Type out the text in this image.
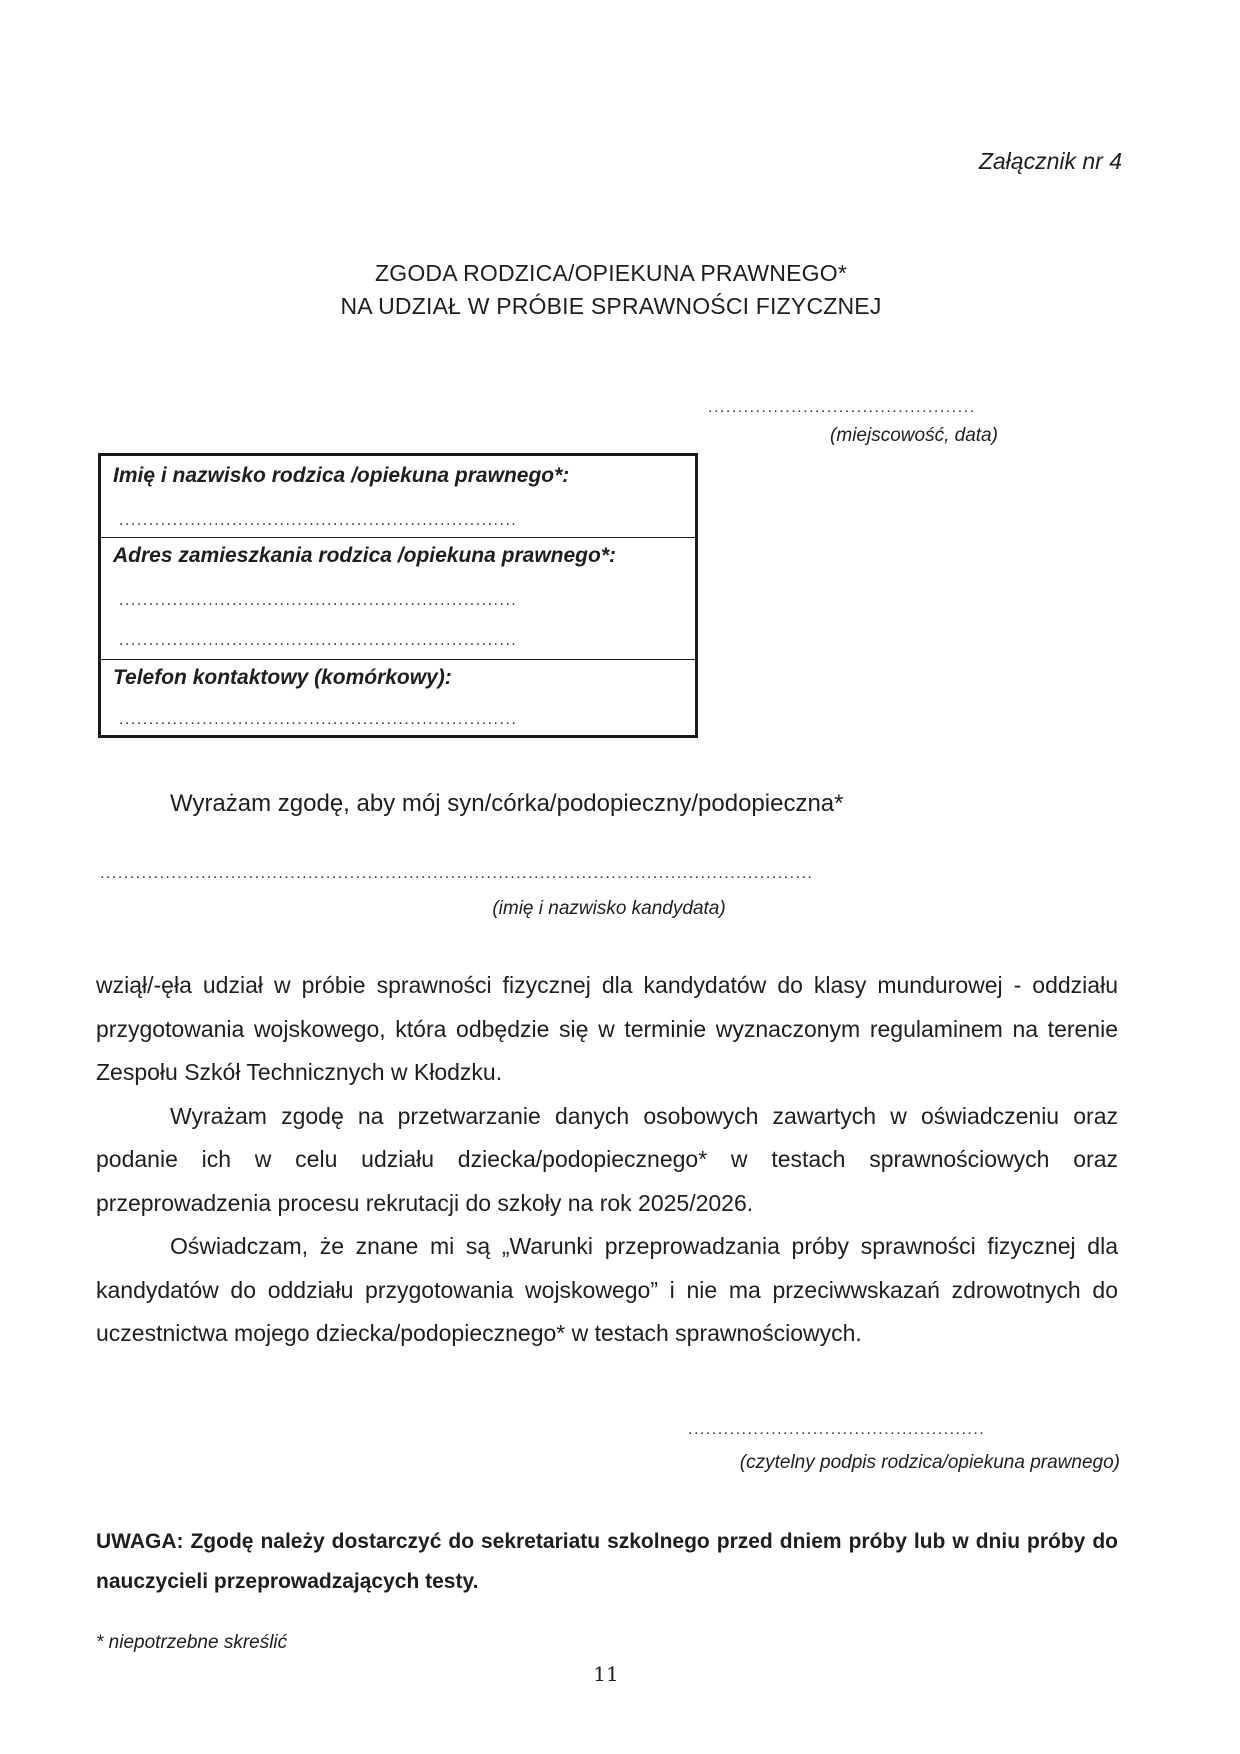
Załącznik nr 4
ZGODA RODZICA/OPIEKUNA PRAWNEGO*
NA UDZIAŁ W PRÓBIE SPRAWNOŚCI FIZYCZNEJ
.............................................
(miejscowość, data)
Imię i nazwisko rodzica /opiekuna prawnego*:
...................................................................
Adres zamieszkania rodzica /opiekuna prawnego*:
...................................................................
...................................................................
Telefon kontaktowy (komórkowy):
...................................................................
Wyrażam zgodę, aby mój syn/córka/podopieczny/podopieczna*
........................................................................................................................
(imię i nazwisko kandydata)

wziął/-ęła udział w próbie sprawności fizycznej dla kandydatów do klasy mundurowej - oddziału przygotowania wojskowego, która odbędzie się w terminie wyznaczonym regulaminem na terenie Zespołu Szkół Technicznych w Kłodzku.

Wyrażam zgodę na przetwarzanie danych osobowych zawartych w oświadczeniu oraz podanie ich w celu udziału dziecka/podopiecznego* w testach sprawnościowych oraz przeprowadzenia procesu rekrutacji do szkoły na rok 2025/2026.

Oświadczam, że znane mi są „Warunki przeprowadzania próby sprawności fizycznej dla kandydatów do oddziału przygotowania wojskowego” i nie ma przeciwwskazań zdrowotnych do uczestnictwa mojego dziecka/podopiecznego* w testach sprawnościowych.

..................................................
(czytelny podpis rodzica/opiekuna prawnego)
UWAGA: Zgodę należy dostarczyć do sekretariatu szkolnego przed dniem próby lub w dniu próby do nauczycieli przeprowadzających testy.
* niepotrzebne skreślić
11
